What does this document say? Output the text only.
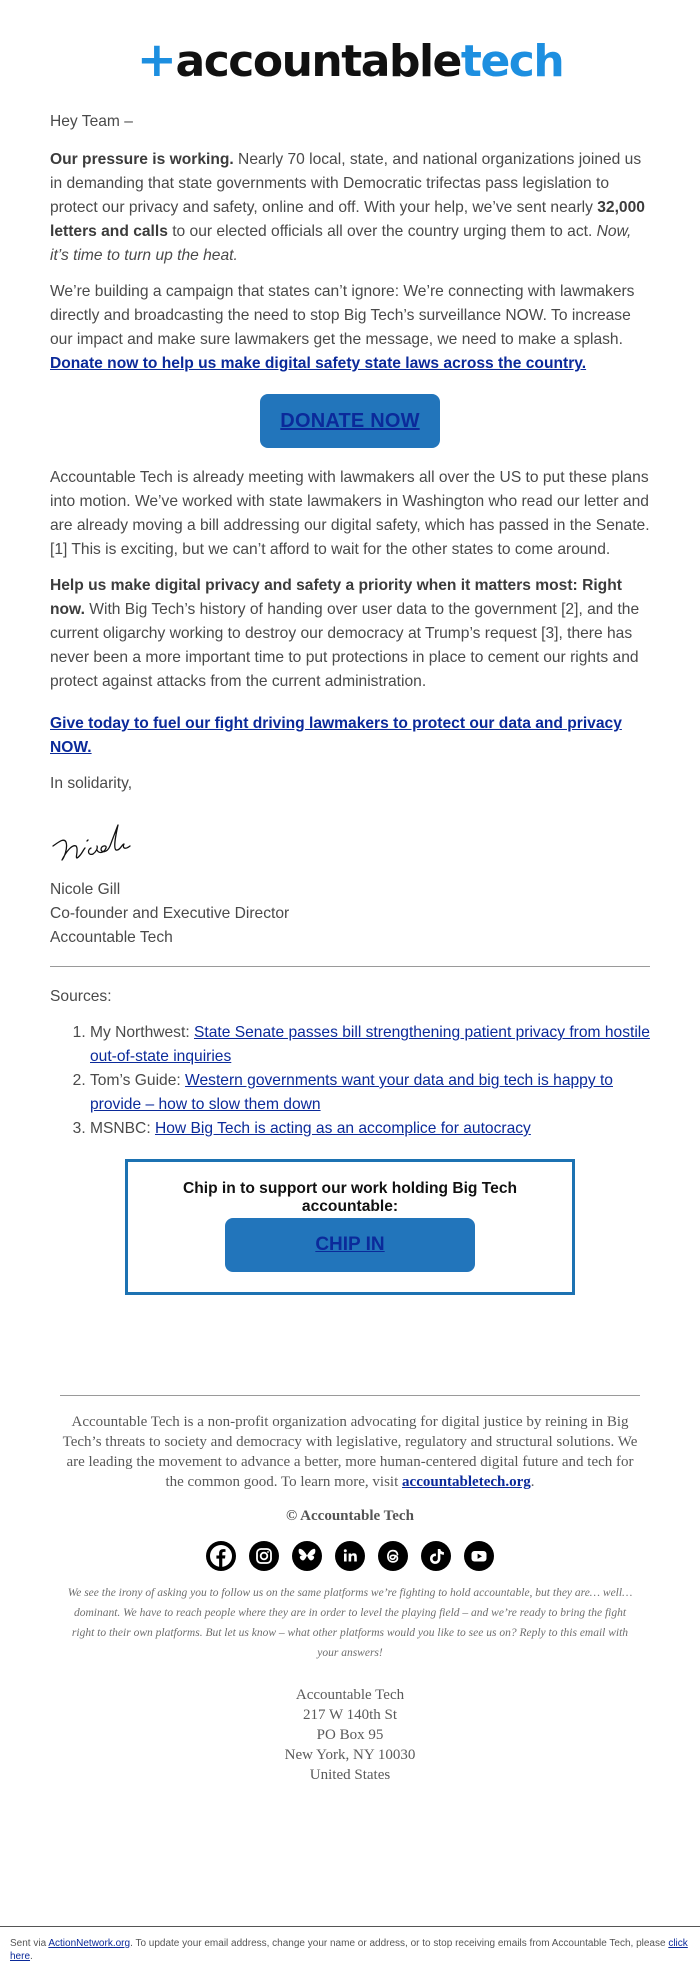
+accountabletech

Hey Team –

Our pressure is working. Nearly 70 local, state, and national organizations joined us in demanding that state governments with Democratic trifectas pass legislation to protect our privacy and safety, online and off. With your help, we’ve sent nearly 32,000 letters and calls to our elected officials all over the country urging them to act. Now, it’s time to turn up the heat.

We’re building a campaign that states can’t ignore: We’re connecting with lawmakers directly and broadcasting the need to stop Big Tech’s surveillance NOW. To increase our impact and make sure lawmakers get the message, we need to make a splash. Donate now to help us make digital safety state laws across the country.

DONATE NOW

Accountable Tech is already meeting with lawmakers all over the US to put these plans into motion. We’ve worked with state lawmakers in Washington who read our letter and are already moving a bill addressing our digital safety, which has passed in the Senate. [1] This is exciting, but we can’t afford to wait for the other states to come around.

Help us make digital privacy and safety a priority when it matters most: Right now. With Big Tech’s history of handing over user data to the government [2], and the current oligarchy working to destroy our democracy at Trump’s request [3], there has never been a more important time to put protections in place to cement our rights and protect against attacks from the current administration.

Give today to fuel our fight driving lawmakers to protect our data and privacy NOW.

In solidarity,

Nicole Gill
Co-founder and Executive Director
Accountable Tech
Sources:
1. My Northwest: State Senate passes bill strengthening patient privacy from hostile out-of-state inquiries
2. Tom’s Guide: Western governments want your data and big tech is happy to provide – how to slow them down
3. MSNBC: How Big Tech is acting as an accomplice for autocracy
Chip in to support our work holding Big Tech accountable:
CHIP IN
Accountable Tech is a non-profit organization advocating for digital justice by reining in Big Tech’s threats to society and democracy with legislative, regulatory and structural solutions. We are leading the movement to advance a better, more human-centered digital future and tech for the common good. To learn more, visit accountabletech.org.
© Accountable Tech
We see the irony of asking you to follow us on the same platforms we’re fighting to hold accountable, but they are… well… dominant. We have to reach people where they are in order to level the playing field – and we’re ready to bring the fight right to their own platforms. But let us know – what other platforms would you like to see us on? Reply to this email with your answers!
Accountable Tech
217 W 140th St
PO Box 95
New York, NY 10030
United States
Sent via ActionNetwork.org. To update your email address, change your name or address, or to stop receiving emails from Accountable Tech, please click here.
